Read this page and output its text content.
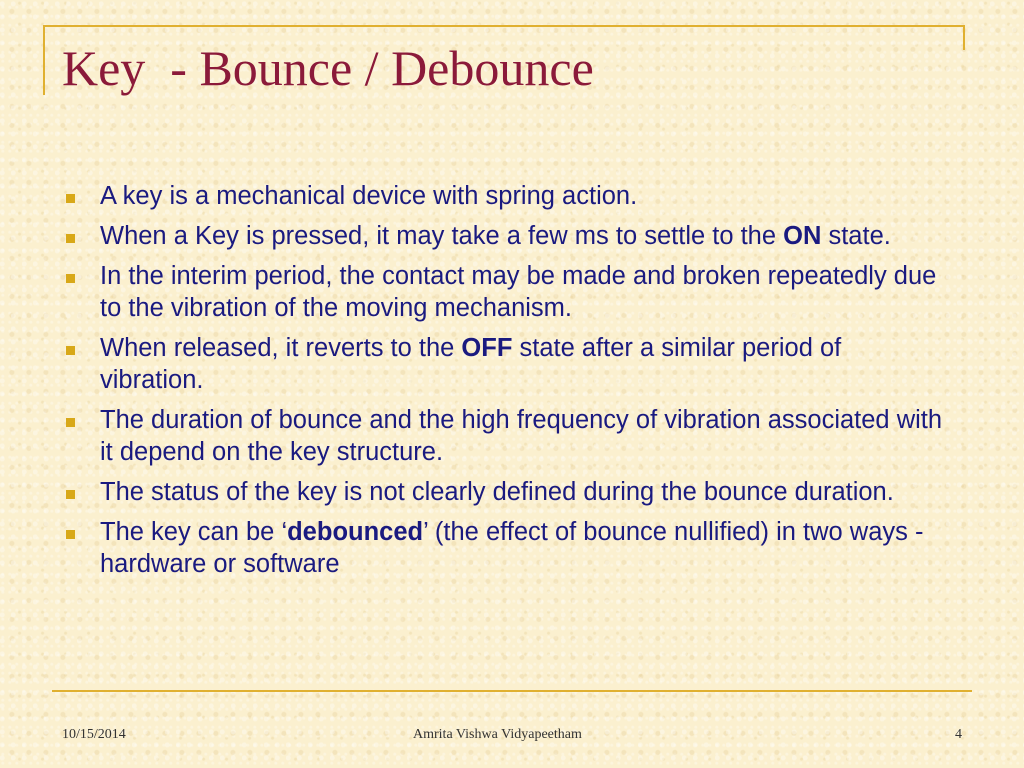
Key  - Bounce / Debounce
A key is a mechanical device with spring action.
When a Key is pressed, it may take a few ms to settle to the ON state.
In the interim period, the contact may be made and broken repeatedly due to the vibration of the moving mechanism.
When released, it reverts to the OFF state after a similar period of vibration.
The duration of bounce and the high frequency of vibration associated with it depend on the key structure.
The status of the key is not clearly defined during the bounce duration.
The key can be ‘debounced’ (the effect of bounce nullified) in two ways - hardware or software
10/15/2014	Amrita Vishwa Vidyapeetham	4
